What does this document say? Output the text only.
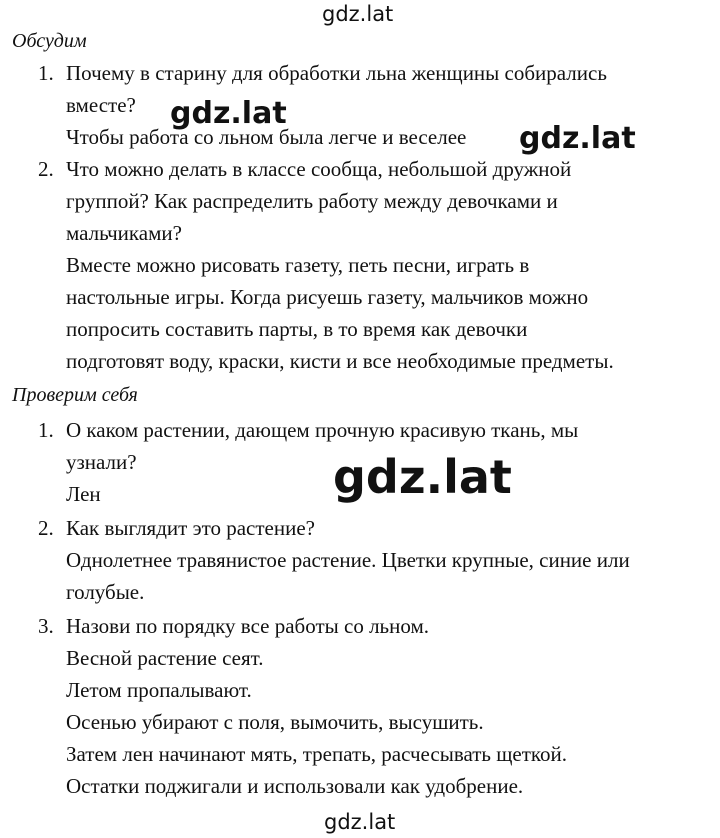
gdz.lat
gdz.lat
gdz.lat
gdz.lat
gdz.lat
Обсудим
1. Почему в старину для обработки льна женщины собирались
вместе?
Чтобы работа со льном была легче и веселее
2. Что можно делать в классе сообща, небольшой дружной
группой? Как распределить работу между девочками и
мальчиками?
Вместе можно рисовать газету, петь песни, играть в
настольные игры. Когда рисуешь газету, мальчиков можно
попросить составить парты, в то время как девочки
подготовят воду, краски, кисти и все необходимые предметы.
Проверим себя
1. О каком растении, дающем прочную красивую ткань, мы
узнали?
Лен
2. Как выглядит это растение?
Однолетнее травянистое растение. Цветки крупные, синие или
голубые.
3. Назови по порядку все работы со льном.
Весной растение сеят.
Летом пропалывают.
Осенью убирают с поля, вымочить, высушить.
Затем лен начинают мять, трепать, расчесывать щеткой.
Остатки поджигали и использовали как удобрение.
